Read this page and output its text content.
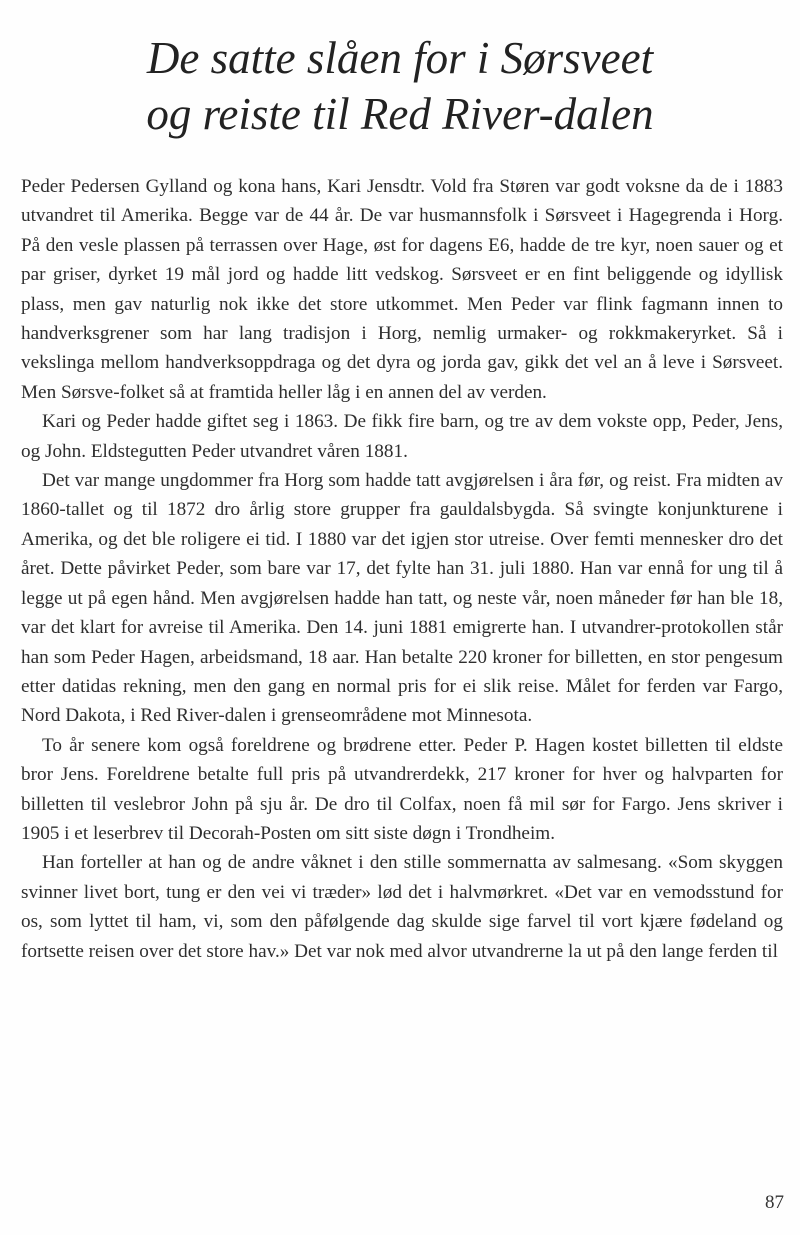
De satte slåen for i Sørsveet
og reiste til Red River-dalen

Peder Pedersen Gylland og kona hans, Kari Jensdtr. Vold fra Støren var godt voksne da de i 1883 utvandret til Amerika. Begge var de 44 år. De var husmannsfolk i Sørsveet i Hagegrenda i Horg. På den vesle plassen på terrassen over Hage, øst for dagens E6, hadde de tre kyr, noen sauer og et par griser, dyrket 19 mål jord og hadde litt vedskog. Sørsveet er en fint beliggende og idyllisk plass, men gav naturlig nok ikke det store utkommet. Men Peder var flink fagmann innen to handverksgrener som har lang tradisjon i Horg, nemlig urmaker- og rokkmakeryrket. Så i vekslinga mellom handverksoppdraga og det dyra og jorda gav, gikk det vel an å leve i Sørsveet. Men Sørsve-folket så at framtida heller låg i en annen del av verden.

Kari og Peder hadde giftet seg i 1863. De fikk fire barn, og tre av dem vokste opp, Peder, Jens, og John. Eldstegutten Peder utvandret våren 1881.

Det var mange ungdommer fra Horg som hadde tatt avgjørelsen i åra før, og reist. Fra midten av 1860-tallet og til 1872 dro årlig store grupper fra gauldalsbygda. Så svingte konjunkturene i Amerika, og det ble roligere ei tid. I 1880 var det igjen stor utreise. Over femti mennesker dro det året. Dette påvirket Peder, som bare var 17, det fylte han 31. juli 1880. Han var ennå for ung til å legge ut på egen hånd. Men avgjørelsen hadde han tatt, og neste vår, noen måneder før han ble 18, var det klart for avreise til Amerika. Den 14. juni 1881 emigrerte han. I utvandrer-protokollen står han som Peder Hagen, arbeidsmand, 18 aar. Han betalte 220 kroner for billetten, en stor pengesum etter datidas rekning, men den gang en normal pris for ei slik reise. Målet for ferden var Fargo, Nord Dakota, i Red River-dalen i grenseområdene mot Minnesota.

To år senere kom også foreldrene og brødrene etter. Peder P. Hagen kostet billetten til eldste bror Jens. Foreldrene betalte full pris på utvandrerdekk, 217 kroner for hver og halvparten for billetten til veslebror John på sju år. De dro til Colfax, noen få mil sør for Fargo. Jens skriver i 1905 i et leserbrev til Decorah-Posten om sitt siste døgn i Trondheim.

Han forteller at han og de andre våknet i den stille sommernatta av salmesang. «Som skyggen svinner livet bort, tung er den vei vi træder» lød det i halvmørkret. «Det var en vemodsstund for os, som lyttet til ham, vi, som den påfølgende dag skulde sige farvel til vort kjære fødeland og fortsette reisen over det store hav.» Det var nok med alvor utvandrerne la ut på den lange ferden til

87
